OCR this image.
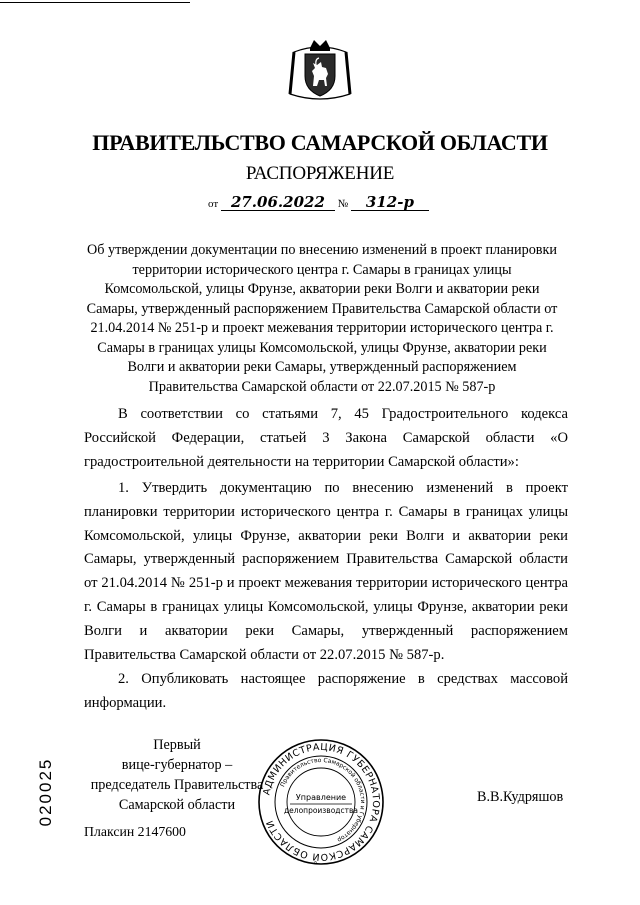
ПРАВИТЕЛЬСТВО САМАРСКОЙ ОБЛАСТИ
РАСПОРЯЖЕНИЕ
от 27.06.2022 № 312-р
Об утверждении документации по внесению изменений в проект планировки территории исторического центра г. Самары в границах улицы Комсомольской, улицы Фрунзе, акватории реки Волги и акватории реки Самары, утвержденный распоряжением Правительства Самарской области от 21.04.2014 № 251-р и проект межевания территории исторического центра г. Самары в границах улицы Комсомольской, улицы Фрунзе, акватории реки Волги и акватории реки Самары, утвержденный распоряжением Правительства Самарской области от 22.07.2015 № 587-р

В соответствии со статьями 7, 45 Градостроительного кодекса Российской Федерации, статьей 3 Закона Самарской области «О градостроительной деятельности на территории Самарской области»:

1. Утвердить документацию по внесению изменений в проект планировки территории исторического центра г. Самары в границах улицы Комсомольской, улицы Фрунзе, акватории реки Волги и акватории реки Самары, утвержденный распоряжением Правительства Самарской области от 21.04.2014 № 251-р и проект межевания территории исторического центра г. Самары в границах улицы Комсомольской, улицы Фрунзе, акватории реки Волги и акватории реки Самары, утвержденный распоряжением Правительства Самарской области от 22.07.2015 № 587-р.

2. Опубликовать настоящее распоряжение в средствах массовой информации.

Первый
вице-губернатор –
председатель Правительства
Самарской области	В.В.Кудряшов
Плаксин 2147600
020025	АДМИНИСТРАЦИЯ ГУБЕРНАТОРА САМАРСКОЙ ОБЛАСТИ
Правительство Самарской области и Губернатор
Управление
делопроизводства
